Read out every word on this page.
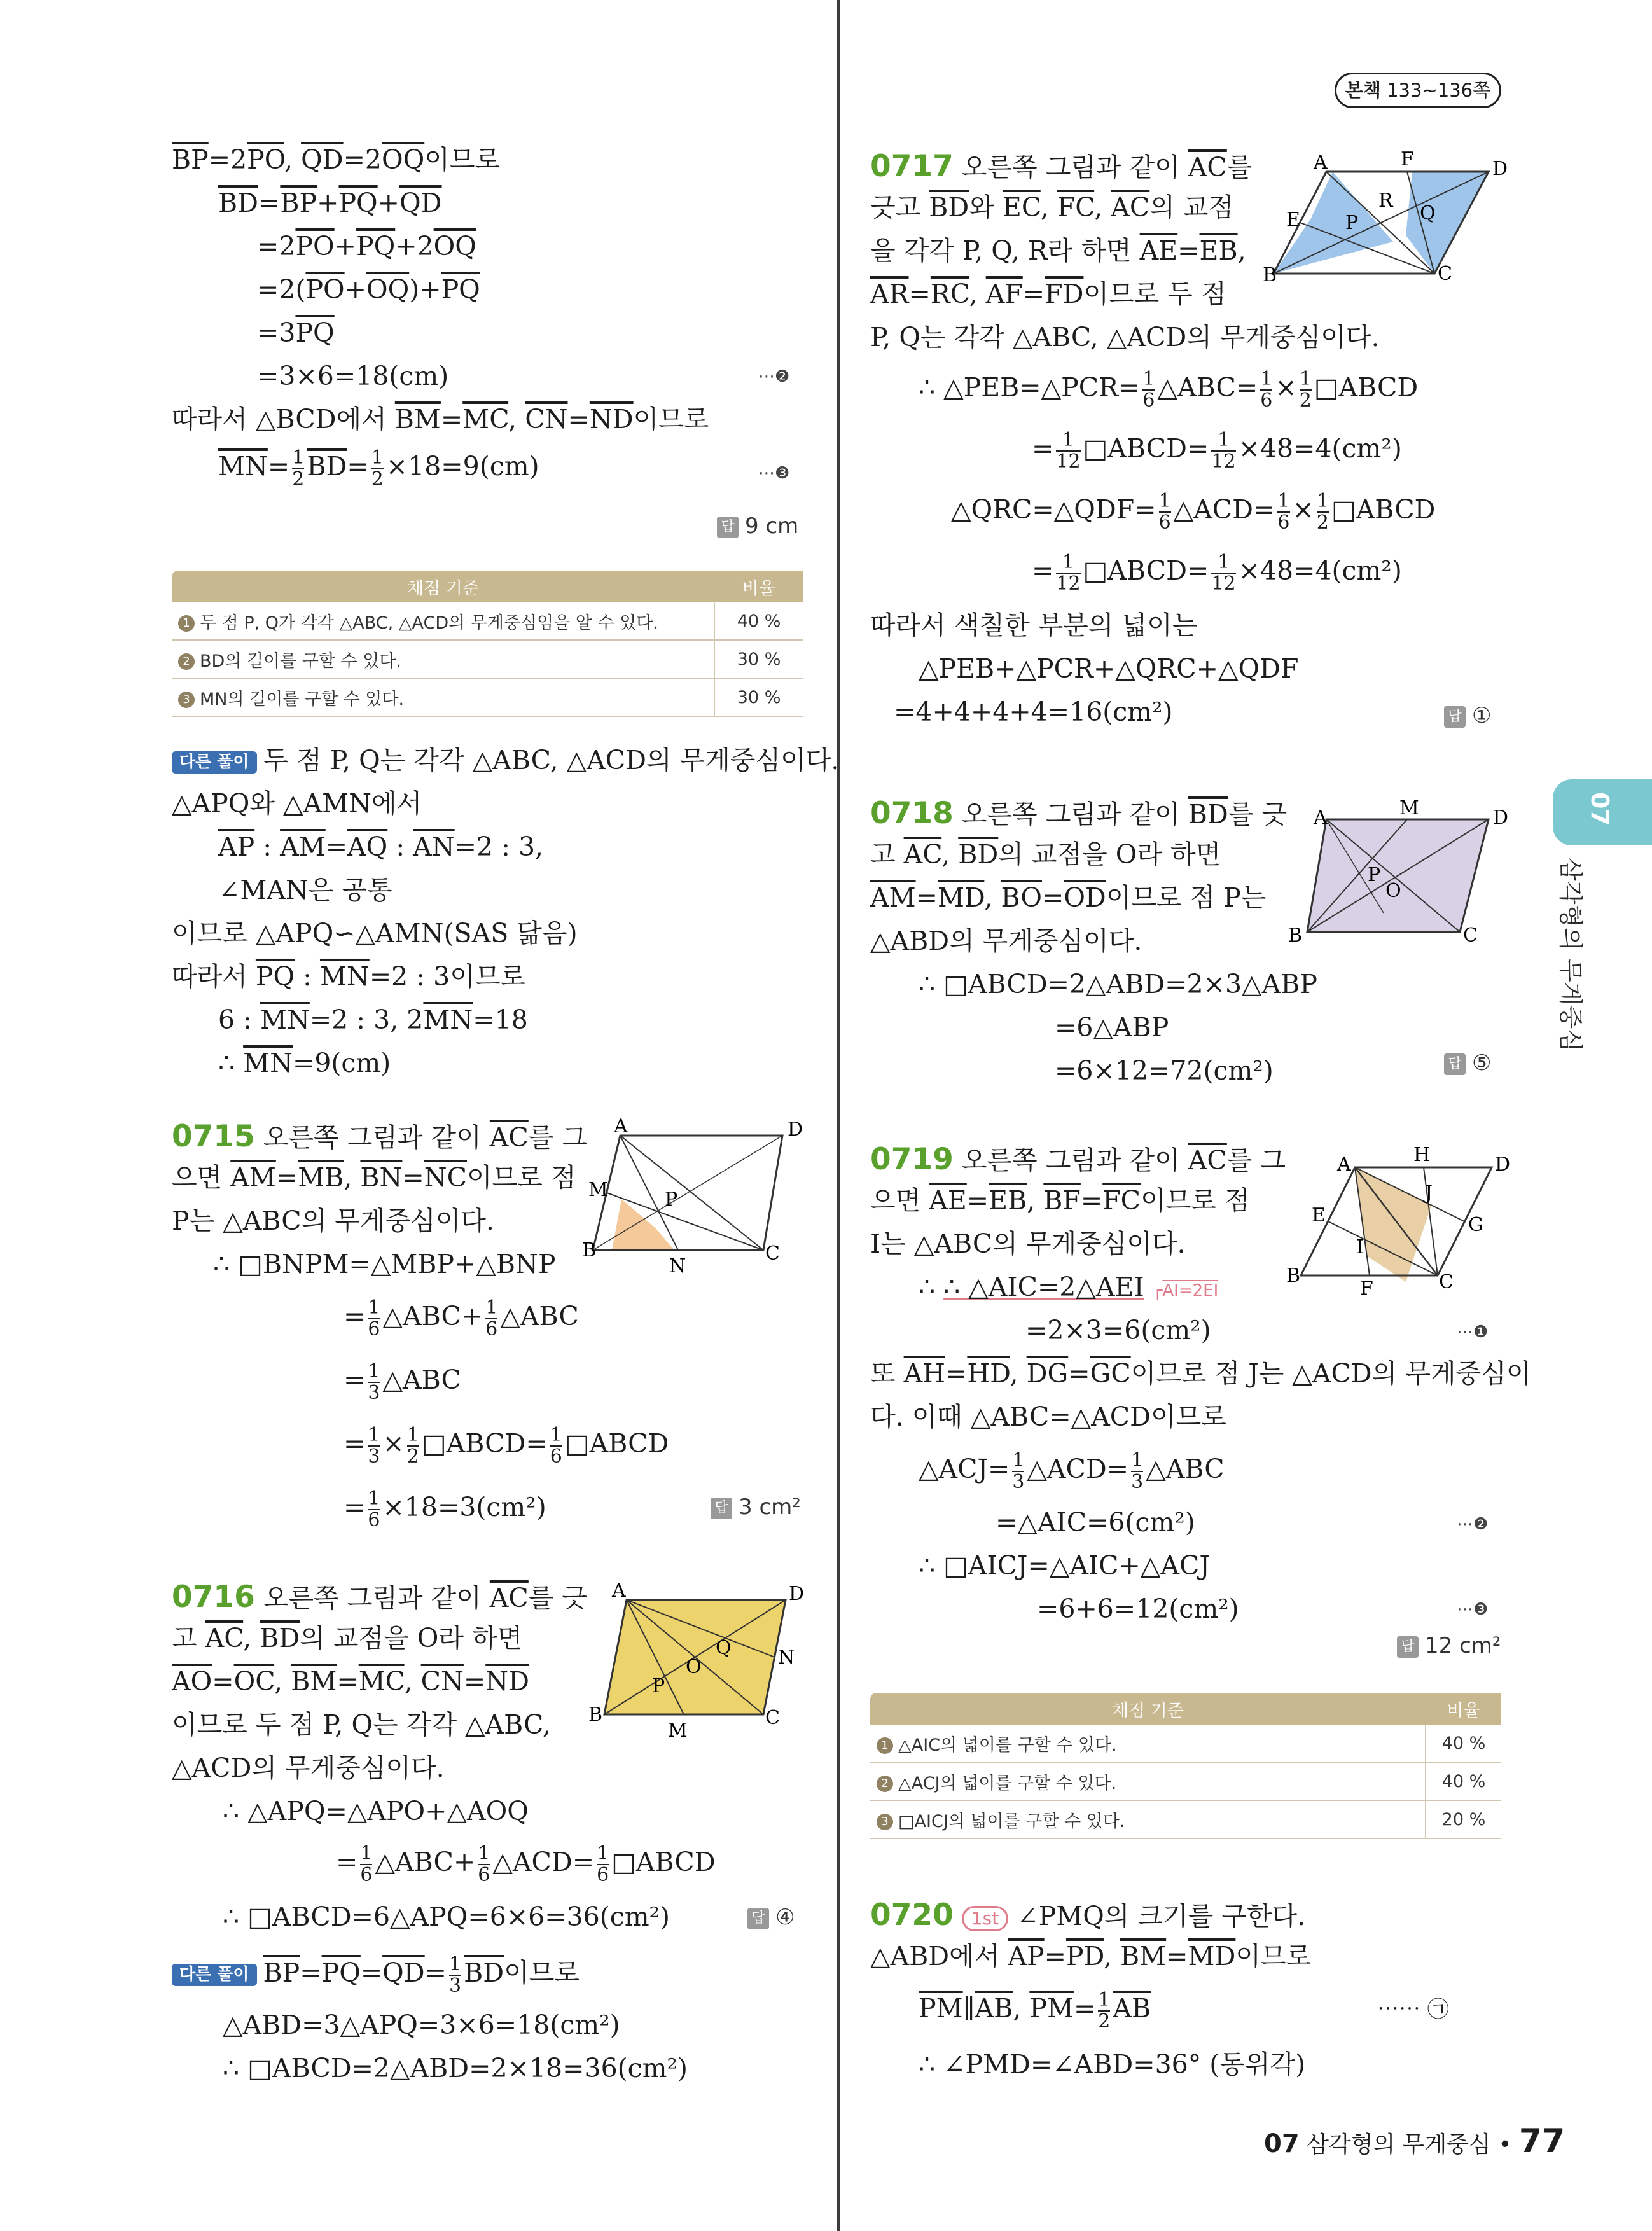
본책 133~136쪽
07
삼각형의 무게중심
$\overline{BP}=2\overline{PO}$, $\overline{QD}=2\overline{OQ}$이므로
$\overline{BD}=\overline{BP}+\overline{PQ}+\overline{QD}$
$=2\overline{PO}+\overline{PQ}+2\overline{OQ}$
$=2(\overline{PO}+\overline{OQ})+\overline{PQ}$
$=3\overline{PQ}$
=3×6=18(cm)	⋯❷
따라서 △BCD에서 $\overline{BM}=\overline{MC}$, $\overline{CN}=\overline{ND}$이므로
$\overline{MN}= \frac{1}{2} \overline{BD}= \frac{1}{2} \times 18=9(cm)$	⋯❸
답 9 cm
채점 기준	비율
1 두 점 P, Q가 각각 △ABC, △ACD의 무게중심임을 알 수 있다.	40 %
2 BD의 길이를 구할 수 있다.	30 %
3 MN의 길이를 구할 수 있다.	30 %
다른 풀이 두 점 P, Q는 각각 △ABC, △ACD의 무게중심이다.
△APQ와 △AMN에서
$\overline{AP}$ : $\overline{AM}=\overline{AQ}$ : $\overline{AN}=2$ : 3,
∠MAN은 공통
이므로 △APQ∽△AMN(SAS 닮음)
따라서 $\overline{PQ}$ : $\overline{MN}=2$ : 3이므로
6 : $\overline{MN}=2$ : 3, $2\overline{MN}=18$
∴ $\overline{MN}=9(cm)$
0715 오른쪽 그림과 같이 $\overline{AC}$를 그
으면 $\overline{AM}=\overline{MB}$, $\overline{BN}=\overline{NC}$이므로 점
P는 △ABC의 무게중심이다.
∴ □BNPM=△MBP+△BNP
= $\frac{1}{6}$ △ABC+ $\frac{1}{6}$ △ABC
= $\frac{1}{3}$ △ABC
= $\frac{1}{3} \times \frac{1}{2}$ □ABCD= $\frac{1}{6}$ □ABCD
= $\frac{1}{6} \times 18=3(cm^2)$	답 3 cm²
A	D
M	P
B
N
C
0716 오른쪽 그림과 같이 $\overline{AC}$를 긋
고 $\overline{AC}$, $\overline{BD}$의 교점을 O라 하면
$\overline{AO}=\overline{OC}$, $\overline{BM}=\overline{MC}$, $\overline{CN}=\overline{ND}$
이므로 두 점 P, Q는 각각 △ABC,
△ACD의 무게중심이다.
∴ △APQ=△APO+△AOQ
= $\frac{1}{6}$ △ABC+ $\frac{1}{6}$ △ACD= $\frac{1}{6}$ □ABCD
∴ □ABCD=6△APQ=6×6=36(cm²)	답 ④
다른 풀이 $\overline{BP}=\overline{PQ}=\overline{QD}= \frac{1}{3} \overline{BD}$이므로
△ABD=3△APQ=3×6=18(cm²)
∴ □ABCD=2△ABD=2×18=36(cm²)
A	D
Q N
O
P
B
M
C
0717 오른쪽 그림과 같이 $\overline{AC}$를
긋고 $\overline{BD}$와 $\overline{EC}$, $\overline{FC}$, $\overline{AC}$의 교점
을 각각 P, Q, R라 하면 $\overline{AE}=\overline{EB}$,
$\overline{AR}=\overline{RC}$, $\overline{AF}=\overline{FD}$이므로 두 점
P, Q는 각각 △ABC, △ACD의 무게중심이다.
∴ △PEB=△PCR= $\frac{1}{6}$ △ABC= $\frac{1}{6} \times \frac{1}{2}$ □ABCD
= $\frac{1}{12}$ □ABCD= $\frac{1}{12} \times 48=4(cm^2)$
△QRC=△QDF= $\frac{1}{6}$ △ACD= $\frac{1}{6} \times \frac{1}{2}$ □ABCD
= $\frac{1}{12}$ □ABCD= $\frac{1}{12} \times 48=4(cm^2)$
따라서 색칠한 부분의 넓이는
△PEB+△PCR+△QRC+△QDF
=4+4+4+4=16(cm²)	답 ①
A	F	D
E
R
P	Q
B	C
0718 오른쪽 그림과 같이 $\overline{BD}$를 긋
고 $\overline{AC}$, $\overline{BD}$의 교점을 O라 하면
$\overline{AM}=\overline{MD}$, $\overline{BO}=\overline{OD}$이므로 점 P는
△ABD의 무게중심이다.
∴ □ABCD=2△ABD=2×3△ABP
=6△ABP
=6×12=72(cm²)	답 ⑤
A	M	D
P
O
B	C
0719 오른쪽 그림과 같이 $\overline{AC}$를 그
으면 $\overline{AE}=\overline{EB}$, $\overline{BF}=\overline{FC}$이므로 점
I는 △ABC의 무게중심이다.
∴ ∴ △AIC=2△AEI ┌AI=2EI
=2×3=6(cm²)	⋯❶
또 $\overline{AH}=\overline{HD}$, $\overline{DG}=\overline{GC}$이므로 점 J는 △ACD의 무게중심이
다. 이때 △ABC=△ACD이므로
△ACJ= $\frac{1}{3}$ △ACD= $\frac{1}{3}$ △ABC
=△AIC=6(cm²)	⋯❷
∴ □AICJ=△AIC+△ACJ
=6+6=12(cm²)	⋯❸
답 12 cm²
A	H	D
J
E	G
I
B
F	C
채점 기준	비율
1 △AIC의 넓이를 구할 수 있다.	40 %
2 △ACJ의 넓이를 구할 수 있다.	40 %
3 □AICJ의 넓이를 구할 수 있다.	20 %
0720 1st ∠PMQ의 크기를 구한다.
△ABD에서 $\overline{AP}=\overline{PD}$, $\overline{BM}=\overline{MD}$이므로
$\overline{PM}\parallel\overline{AB}$, $\overline{PM}= \frac{1}{2} \overline{AB}$	⋯⋯ ㉠
∴ ∠PMD=∠ABD=36° (동위각)
07 삼각형의 무게중심 • 77
